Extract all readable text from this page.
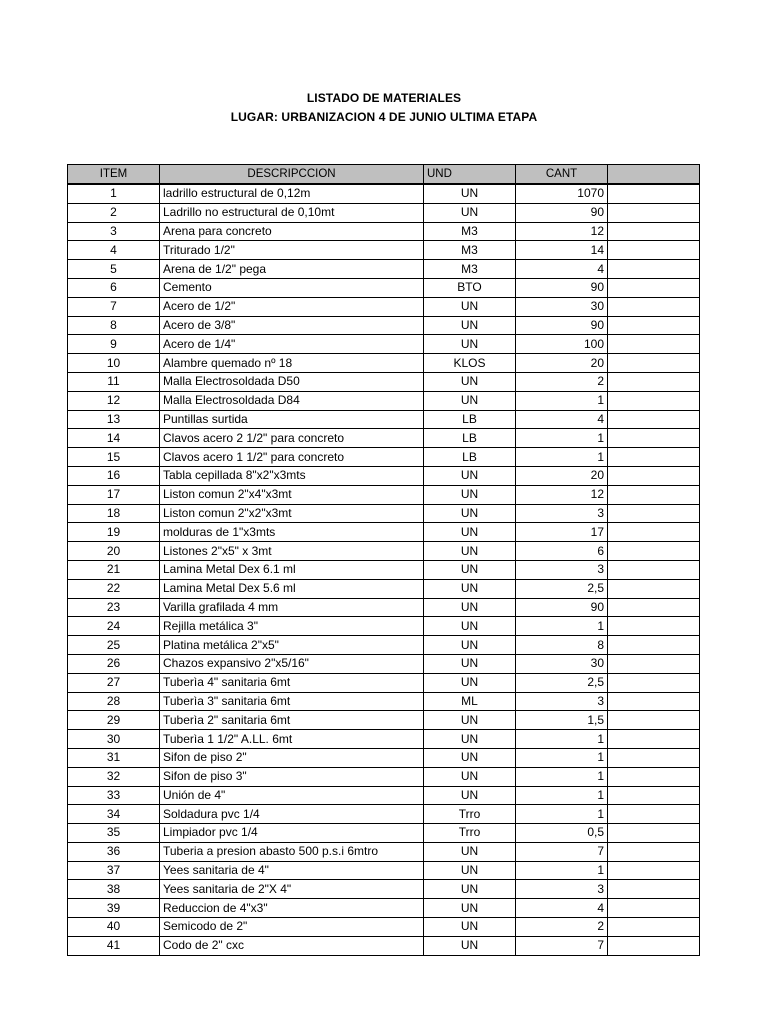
LISTADO DE MATERIALES
LUGAR: URBANIZACION 4 DE JUNIO ULTIMA ETAPA
ITEM	DESCRIPCCION	UND	CANT	
1	ladrillo estructural de 0,12m	UN	1070	
2	Ladrillo no estructural de 0,10mt	UN	90	
3	Arena para concreto	M3	12	
4	Triturado 1/2"	M3	14	
5	Arena de 1/2" pega	M3	4	
6	Cemento	BTO	90	
7	Acero de 1/2"	UN	30	
8	Acero de 3/8"	UN	90	
9	Acero de 1/4"	UN	100	
10	Alambre quemado nº 18	KLOS	20	
11	Malla Electrosoldada D50	UN	2	
12	Malla Electrosoldada D84	UN	1	
13	Puntillas surtida	LB	4	
14	Clavos acero 2 1/2" para concreto	LB	1	
15	Clavos acero 1 1/2" para concreto	LB	1	
16	Tabla cepillada 8"x2"x3mts	UN	20	
17	Liston comun 2"x4"x3mt	UN	12	
18	Liston comun 2"x2"x3mt	UN	3	
19	molduras de 1"x3mts	UN	17	
20	Listones 2"x5" x 3mt	UN	6	
21	Lamina Metal Dex 6.1 ml	UN	3	
22	Lamina Metal Dex 5.6 ml	UN	2,5	
23	Varilla grafilada 4 mm	UN	90	
24	Rejilla metálica 3"	UN	1	
25	Platina metálica 2"x5"	UN	8	
26	Chazos expansivo 2"x5/16"	UN	30	
27	Tuberìa 4" sanitaria 6mt	UN	2,5	
28	Tuberìa 3" sanitaria 6mt	ML	3	
29	Tuberìa 2" sanitaria 6mt	UN	1,5	
30	Tuberìa 1 1/2" A.LL. 6mt	UN	1	
31	Sifon de piso 2"	UN	1	
32	Sifon de piso 3"	UN	1	
33	Unión de 4"	UN	1	
34	Soldadura pvc 1/4	Trro	1	
35	Limpiador pvc 1/4	Trro	0,5	
36	Tuberia a presion abasto 500 p.s.i 6mtro	UN	7	
37	Yees sanitaria de 4"	UN	1	
38	Yees sanitaria de 2"X 4"	UN	3	
39	Reduccion de 4"x3"	UN	4	
40	Semicodo de 2"	UN	2	
41	Codo de 2" cxc	UN	7	
